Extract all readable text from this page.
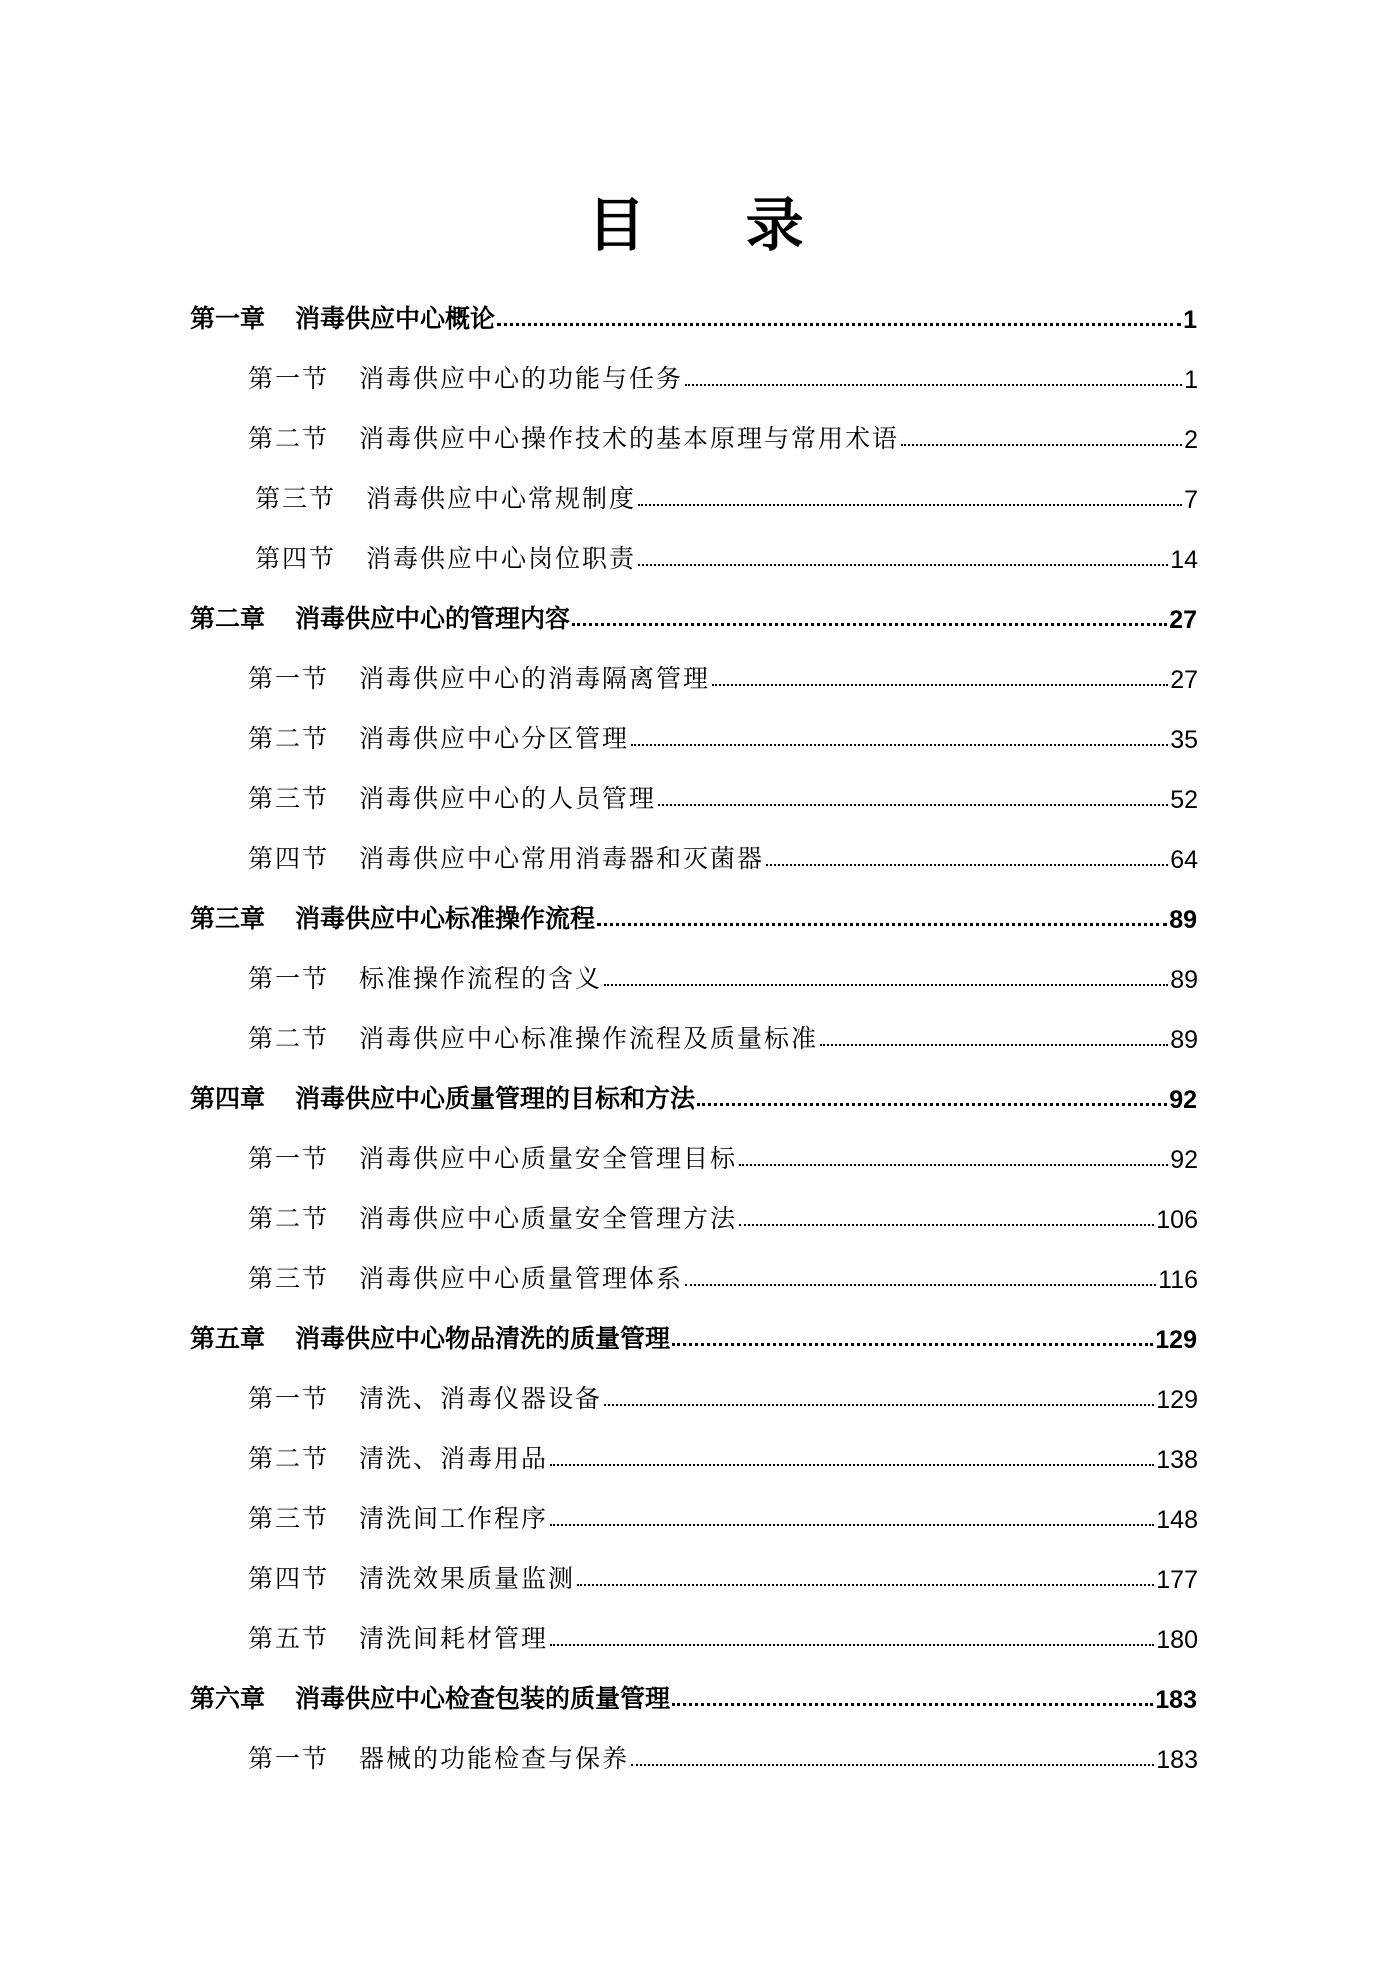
目 录
第一章	消毒供应中心概论	1
第一节	消毒供应中心的功能与任务	1
第二节	消毒供应中心操作技术的基本原理与常用术语	2
第三节	消毒供应中心常规制度	7
第四节	消毒供应中心岗位职责	14
第二章	消毒供应中心的管理内容	27
第一节	消毒供应中心的消毒隔离管理	27
第二节	消毒供应中心分区管理	35
第三节	消毒供应中心的人员管理	52
第四节	消毒供应中心常用消毒器和灭菌器	64
第三章	消毒供应中心标准操作流程	89
第一节	标准操作流程的含义	89
第二节	消毒供应中心标准操作流程及质量标准	89
第四章	消毒供应中心质量管理的目标和方法	92
第一节	消毒供应中心质量安全管理目标	92
第二节	消毒供应中心质量安全管理方法	106
第三节	消毒供应中心质量管理体系	116
第五章	消毒供应中心物品清洗的质量管理	129
第一节	清洗、消毒仪器设备	129
第二节	清洗、消毒用品	138
第三节	清洗间工作程序	148
第四节	清洗效果质量监测	177
第五节	清洗间耗材管理	180
第六章	消毒供应中心检查包装的质量管理	183
第一节	器械的功能检查与保养	183
